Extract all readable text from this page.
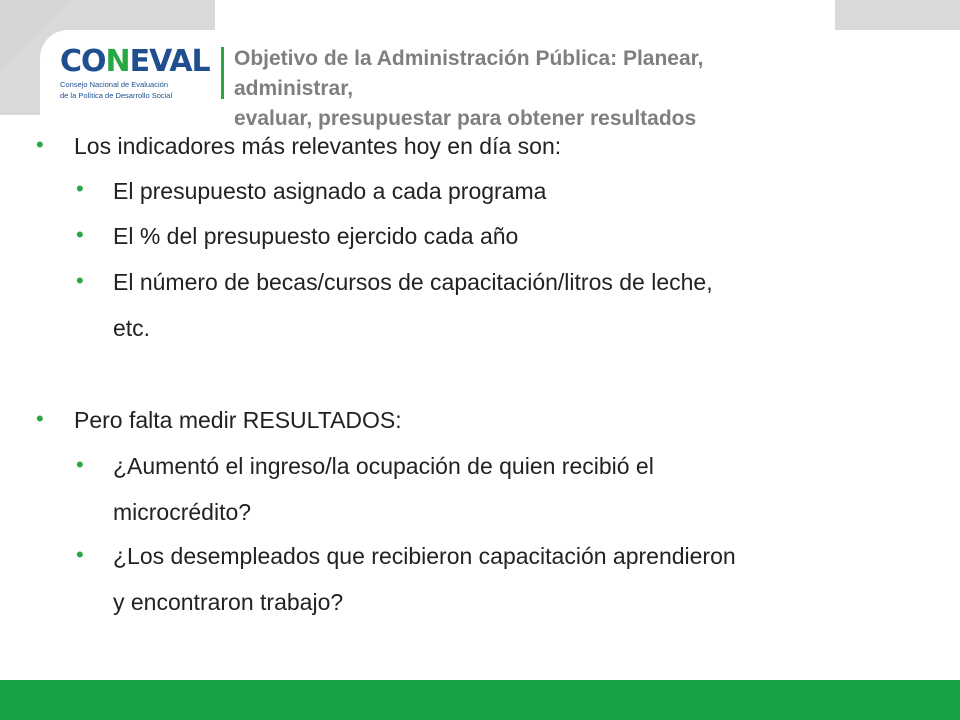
CONEVAL
Consejo Nacional de Evaluación
de la Política de Desarrollo Social
Objetivo de la Administración Pública: Planear,
administrar,
evaluar, presupuestar para obtener resultados
• Los indicadores más relevantes hoy en día son:
• El presupuesto asignado a cada programa
• El % del presupuesto ejercido cada año
• El número de becas/cursos de capacitación/litros de leche,
etc.
• Pero falta medir RESULTADOS:
• ¿Aumentó el ingreso/la ocupación de quien recibió el
microcrédito?
• ¿Los desempleados que recibieron capacitación aprendieron
y encontraron trabajo?
